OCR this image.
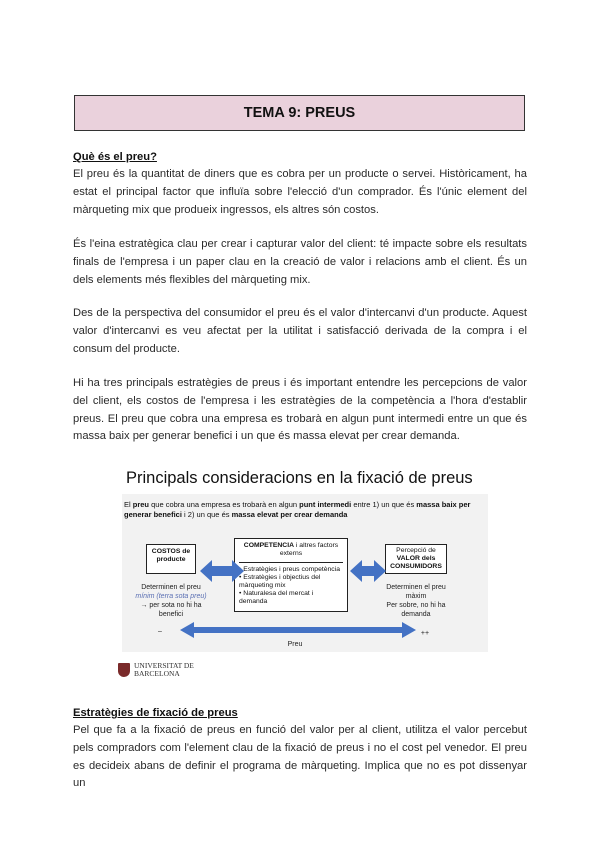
TEMA 9: PREUS
Què és el preu?
El preu és la quantitat de diners que es cobra per un producte o servei. Històricament, ha estat el principal factor que influïa sobre l'elecció d'un comprador. És l'únic element del màrqueting mix que produeix ingressos, els altres són costos.
És l'eina estratègica clau per crear i capturar valor del client: té impacte sobre els resultats finals de l'empresa i un paper clau en la creació de valor i relacions amb el client. És un dels elements més flexibles del màrqueting mix.
Des de la perspectiva del consumidor el preu és el valor d'intercanvi d'un producte. Aquest valor d'intercanvi es veu afectat per la utilitat i satisfacció derivada de la compra i el consum del producte.
Hi ha tres principals estratègies de preus i és important entendre les percepcions de valor del client, els costos de l'empresa i les estratègies de la competència a l'hora d'establir preus. El preu que cobra una empresa es trobarà en algun punt intermedi entre un que és massa baix per generar benefici i un que és massa elevat per crear demanda.
Principals consideracions en la fixació de preus
El preu que cobra una empresa es trobarà en algun punt intermedi entre 1) un que és massa baix per generar benefici i 2) un que és massa elevat per crear demanda
COSTOS de producte
Determinen el preu
mínim (terra sota preu)
→ per sota no hi ha benefici
COMPETENCIA i altres factors externs
Estratègies i preus competència
• Estratègies i objectius del màrqueting mix
• Naturalesa del mercat i demanda
Percepció de
VALOR dels CONSUMIDORS
Determinen el preu
màxim
Per sobre, no hi ha demanda
–	++
Preu
UNIVERSITAT DE
BARCELONA
Estratègies de fixació de preus
Pel que fa a la fixació de preus en funció del valor per al client, utilitza el valor percebut pels compradors com l'element clau de la fixació de preus i no el cost pel venedor. El preu es decideix abans de definir el programa de màrqueting. Implica que no es pot dissenyar un
